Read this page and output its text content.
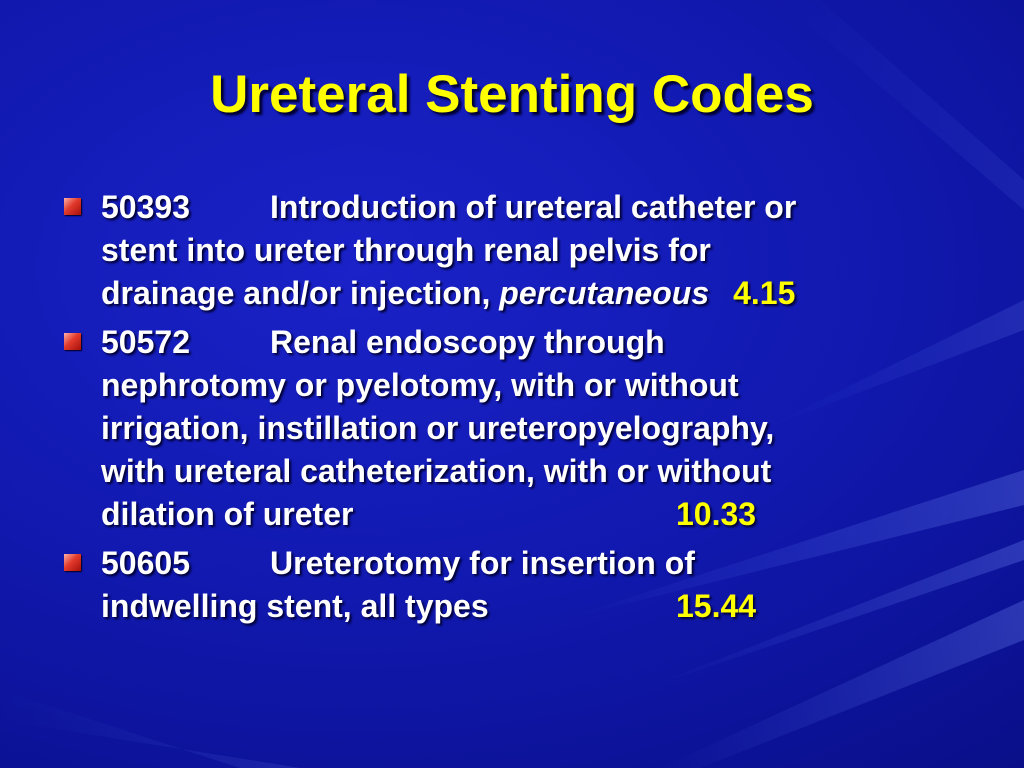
Ureteral Stenting Codes
50393	Introduction of ureteral catheter or
stent into ureter through renal pelvis for
drainage and/or injection, percutaneous 4.15
50572	Renal endoscopy through
nephrotomy or pyelotomy, with or without
irrigation, instillation or ureteropyelography,
with ureteral catheterization, with or without
dilation of ureter	10.33
50605	Ureterotomy for insertion of
indwelling stent, all types	15.44
